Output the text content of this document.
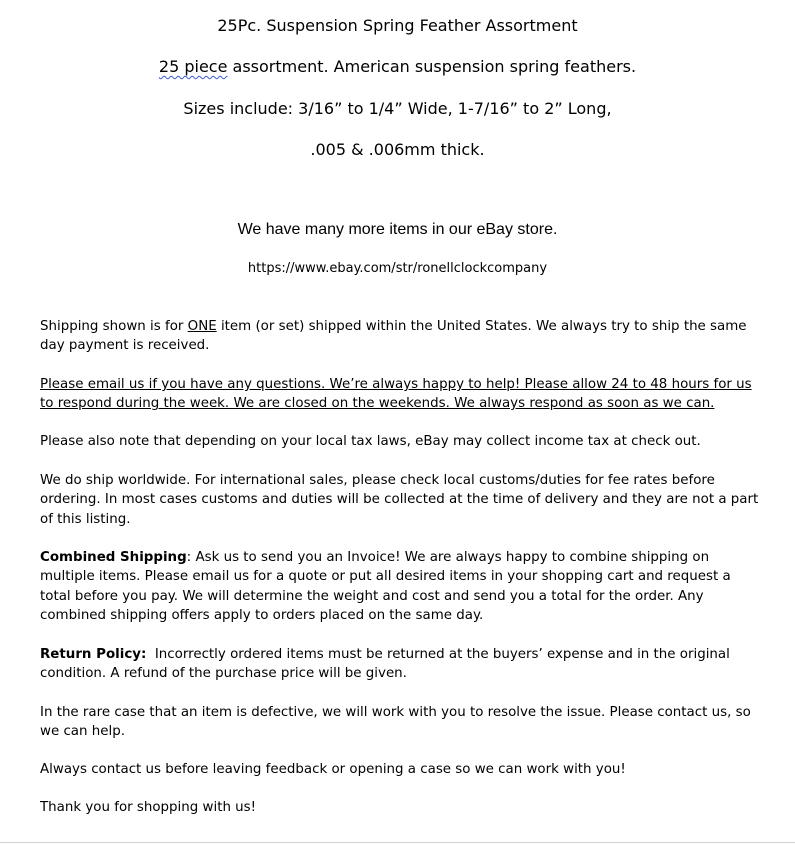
25Pc. Suspension Spring Feather Assortment
25 piece assortment. American suspension spring feathers.
Sizes include: 3/16” to 1/4” Wide, 1-7/16” to 2” Long,
.005 & .006mm thick.
We have many more items in our eBay store.
https://www.ebay.com/str/ronellclockcompany
Shipping shown is for ONE item (or set) shipped within the United States. We always try to ship the same day payment is received.
Please email us if you have any questions. We’re always happy to help! Please allow 24 to 48 hours for us to respond during the week. We are closed on the weekends. We always respond as soon as we can.
Please also note that depending on your local tax laws, eBay may collect income tax at check out.
We do ship worldwide. For international sales, please check local customs/duties for fee rates before ordering. In most cases customs and duties will be collected at the time of delivery and they are not a part of this listing.
Combined Shipping: Ask us to send you an Invoice! We are always happy to combine shipping on multiple items. Please email us for a quote or put all desired items in your shopping cart and request a total before you pay. We will determine the weight and cost and send you a total for the order. Any combined shipping offers apply to orders placed on the same day.
Return Policy:  Incorrectly ordered items must be returned at the buyers’ expense and in the original condition. A refund of the purchase price will be given.
In the rare case that an item is defective, we will work with you to resolve the issue. Please contact us, so we can help.
Always contact us before leaving feedback or opening a case so we can work with you!
Thank you for shopping with us!
